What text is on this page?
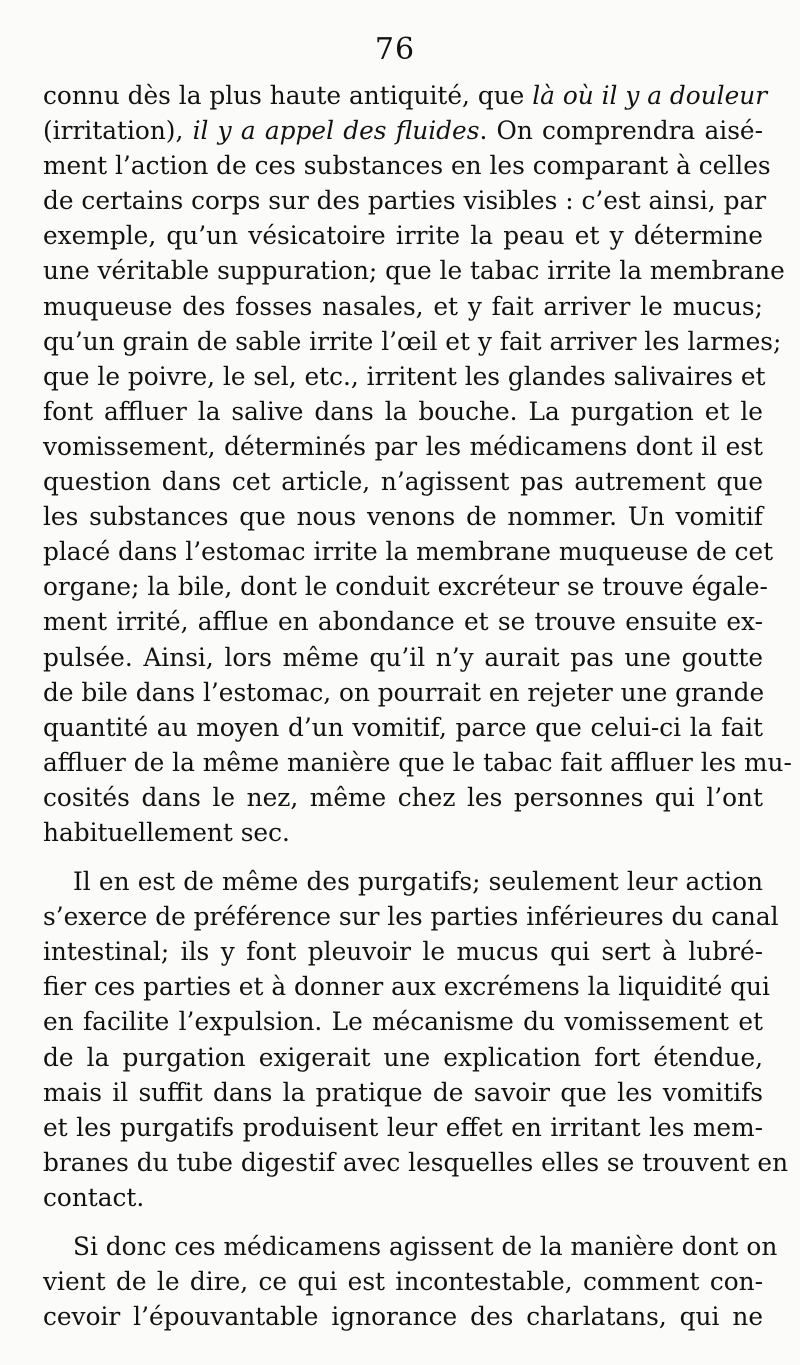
76
connu dès la plus haute antiquité, que là où il y a douleur
(irritation), il y a appel des fluides. On comprendra aisé-
ment l’action de ces substances en les comparant à celles
de certains corps sur des parties visibles : c’est ainsi, par
exemple, qu’un vésicatoire irrite la peau et y détermine
une véritable suppuration; que le tabac irrite la membrane
muqueuse des fosses nasales, et y fait arriver le mucus;
qu’un grain de sable irrite l’œil et y fait arriver les larmes;
que le poivre, le sel, etc., irritent les glandes salivaires et
font affluer la salive dans la bouche. La purgation et le
vomissement, déterminés par les médicamens dont il est
question dans cet article, n’agissent pas autrement que
les substances que nous venons de nommer. Un vomitif
placé dans l’estomac irrite la membrane muqueuse de cet
organe; la bile, dont le conduit excréteur se trouve égale-
ment irrité, afflue en abondance et se trouve ensuite ex-
pulsée. Ainsi, lors même qu’il n’y aurait pas une goutte
de bile dans l’estomac, on pourrait en rejeter une grande
quantité au moyen d’un vomitif, parce que celui-ci la fait
affluer de la même manière que le tabac fait affluer les mu-
cosités dans le nez, même chez les personnes qui l’ont
habituellement sec.
Il en est de même des purgatifs; seulement leur action
s’exerce de préférence sur les parties inférieures du canal
intestinal; ils y font pleuvoir le mucus qui sert à lubré-
fier ces parties et à donner aux excrémens la liquidité qui
en facilite l’expulsion. Le mécanisme du vomissement et
de la purgation exigerait une explication fort étendue,
mais il suffit dans la pratique de savoir que les vomitifs
et les purgatifs produisent leur effet en irritant les mem-
branes du tube digestif avec lesquelles elles se trouvent en
contact.
Si donc ces médicamens agissent de la manière dont on
vient de le dire, ce qui est incontestable, comment con-
cevoir l’épouvantable ignorance des charlatans, qui ne
